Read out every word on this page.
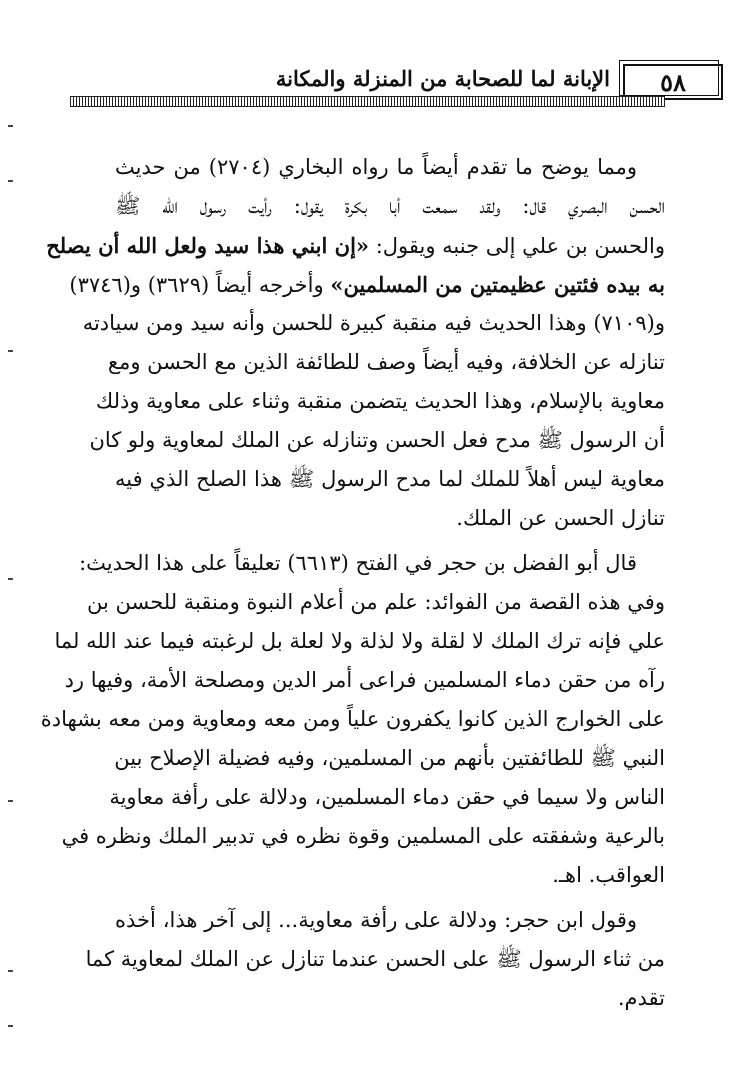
٥٨
الإبانة لما للصحابة من المنزلة والمكانة
ومما يوضح ما تقدم أيضاً ما رواه البخاري (٢٧٠٤) من حديث
الحسن البصري قال: ولقد سمعت أبا بكرة يقول: رأيت رسول الله ﷺ
والحسن بن علي إلى جنبه ويقول: «إن ابني هذا سيد ولعل الله أن يصلح
به بيده فئتين عظيمتين من المسلمين» وأخرجه أيضاً (٣٦٢٩) و(٣٧٤٦)
و(٧١٠٩) وهذا الحديث فيه منقبة كبيرة للحسن وأنه سيد ومن سيادته
تنازله عن الخلافة، وفيه أيضاً وصف للطائفة الذين مع الحسن ومع
معاوية بالإسلام، وهذا الحديث يتضمن منقبة وثناء على معاوية وذلك
أن الرسول ﷺ مدح فعل الحسن وتنازله عن الملك لمعاوية ولو كان
معاوية ليس أهلاً للملك لما مدح الرسول ﷺ هذا الصلح الذي فيه
تنازل الحسن عن الملك.
قال أبو الفضل بن حجر في الفتح (٦٦١٣) تعليقاً على هذا الحديث:
وفي هذه القصة من الفوائد: علم من أعلام النبوة ومنقبة للحسن بن
علي فإنه ترك الملك لا لقلة ولا لذلة ولا لعلة بل لرغبته فيما عند الله لما
رآه من حقن دماء المسلمين فراعى أمر الدين ومصلحة الأمة، وفيها رد
على الخوارج الذين كانوا يكفرون علياً ومن معه ومعاوية ومن معه بشهادة
النبي ﷺ للطائفتين بأنهم من المسلمين، وفيه فضيلة الإصلاح بين
الناس ولا سيما في حقن دماء المسلمين، ودلالة على رأفة معاوية
بالرعية وشفقته على المسلمين وقوة نظره في تدبير الملك ونظره في
العواقب. اهـ.
وقول ابن حجر: ودلالة على رأفة معاوية... إلى آخر هذا، أخذه
من ثناء الرسول ﷺ على الحسن عندما تنازل عن الملك لمعاوية كما
تقدم.
